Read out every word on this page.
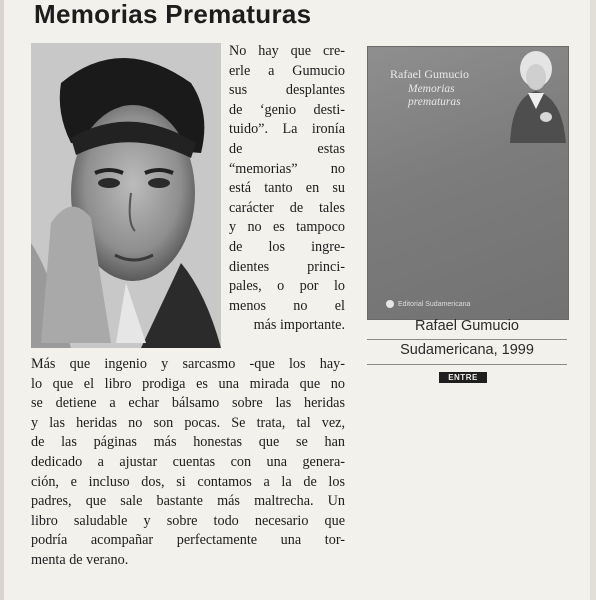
Memorias Prematuras

No hay que cre-
erle a Gumucio
sus desplantes
de ‘genio desti-
tuido”. La ironía
de estas
“memorias” no
está tanto en su
carácter de tales
y no es tampoco
de los ingre-
dientes princi-
pales, o por lo
menos no el
más importante.

Más que ingenio y sarcasmo -que los hay-
lo que el libro prodiga es una mirada que no
se detiene a echar bálsamo sobre las heridas
y las heridas no son pocas. Se trata, tal vez,
de las páginas más honestas que se han
dedicado a ajustar cuentas con una genera-
ción, e incluso dos, si contamos a la de los
padres, que sale bastante más maltrecha. Un
libro saludable y sobre todo necesario que
podría acompañar perfectamente una tor-
menta de verano.

Rafael Gumucio
Memorias
prematuras
Editorial Sudamericana
Rafael Gumucio
Sudamericana, 1999
ENTRE RIOS
